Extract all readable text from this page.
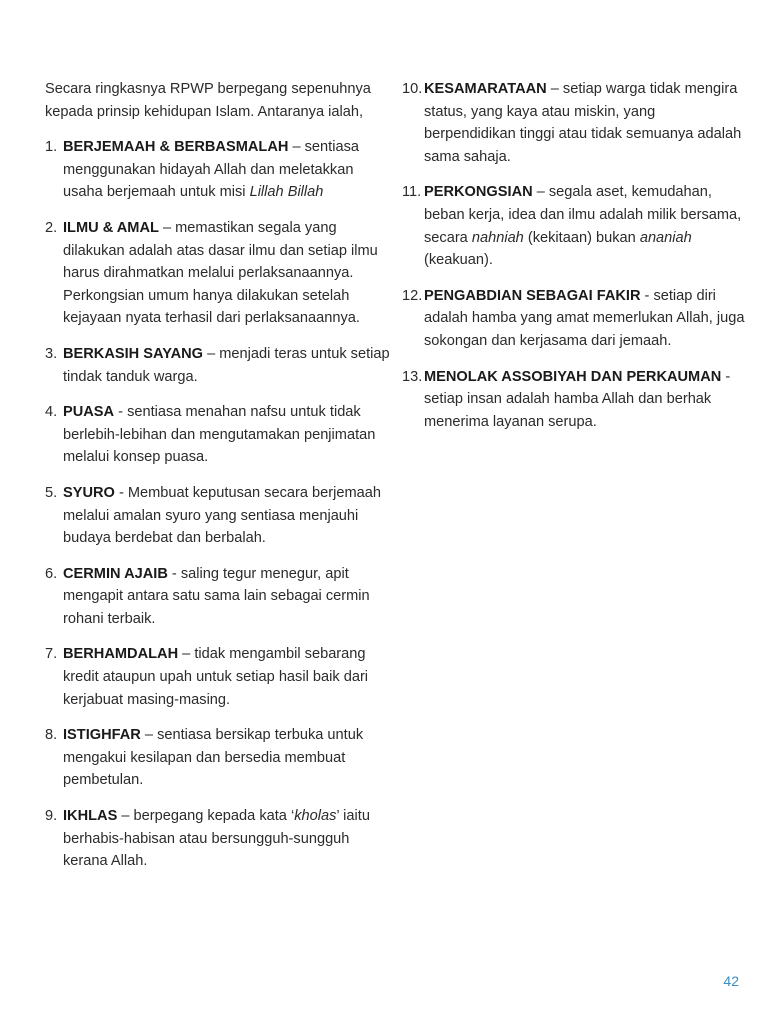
Secara ringkasnya RPWP berpegang sepenuhnya kepada prinsip kehidupan Islam. Antaranya ialah,

1. BERJEMAAH & BERBASMALAH – sentiasa menggunakan hidayah Allah dan meletakkan usaha berjemaah untuk misi Lillah Billah
2. ILMU & AMAL – memastikan segala yang dilakukan adalah atas dasar ilmu dan setiap ilmu harus dirahmatkan melalui perlaksanaannya. Perkongsian umum hanya dilakukan setelah kejayaan nyata terhasil dari perlaksanaannya.
3. BERKASIH SAYANG – menjadi teras untuk setiap tindak tanduk warga.
4. PUASA - sentiasa menahan nafsu untuk tidak berlebih-lebihan dan mengutamakan penjimatan melalui konsep puasa.
5. SYURO - Membuat keputusan secara berjemaah melalui amalan syuro yang sentiasa menjauhi budaya berdebat dan berbalah.
6. CERMIN AJAIB - saling tegur menegur, apit mengapit antara satu sama lain sebagai cermin rohani terbaik.
7. BERHAMDALAH – tidak mengambil sebarang kredit ataupun upah untuk setiap hasil baik dari kerjabuat masing-masing.
8. ISTIGHFAR – sentiasa bersikap terbuka untuk mengakui kesilapan dan bersedia membuat pembetulan.
9. IKHLAS – berpegang kepada kata ‘kholas’ iaitu berhabis-habisan atau bersungguh-sungguh kerana Allah.
10. KESAMARATAAN – setiap warga tidak mengira status, yang kaya atau miskin, yang berpendidikan tinggi atau tidak semuanya adalah sama sahaja.
11. PERKONGSIAN – segala aset, kemudahan, beban kerja, idea dan ilmu adalah milik bersama, secara nahniah (kekitaan) bukan ananiah (keakuan).
12. PENGABDIAN SEBAGAI FAKIR - setiap diri adalah hamba yang amat memerlukan Allah, juga sokongan dan kerjasama dari jemaah.
13. MENOLAK ASSOBIYAH DAN PERKAUMAN - setiap insan adalah hamba Allah dan berhak menerima layanan serupa.
42
